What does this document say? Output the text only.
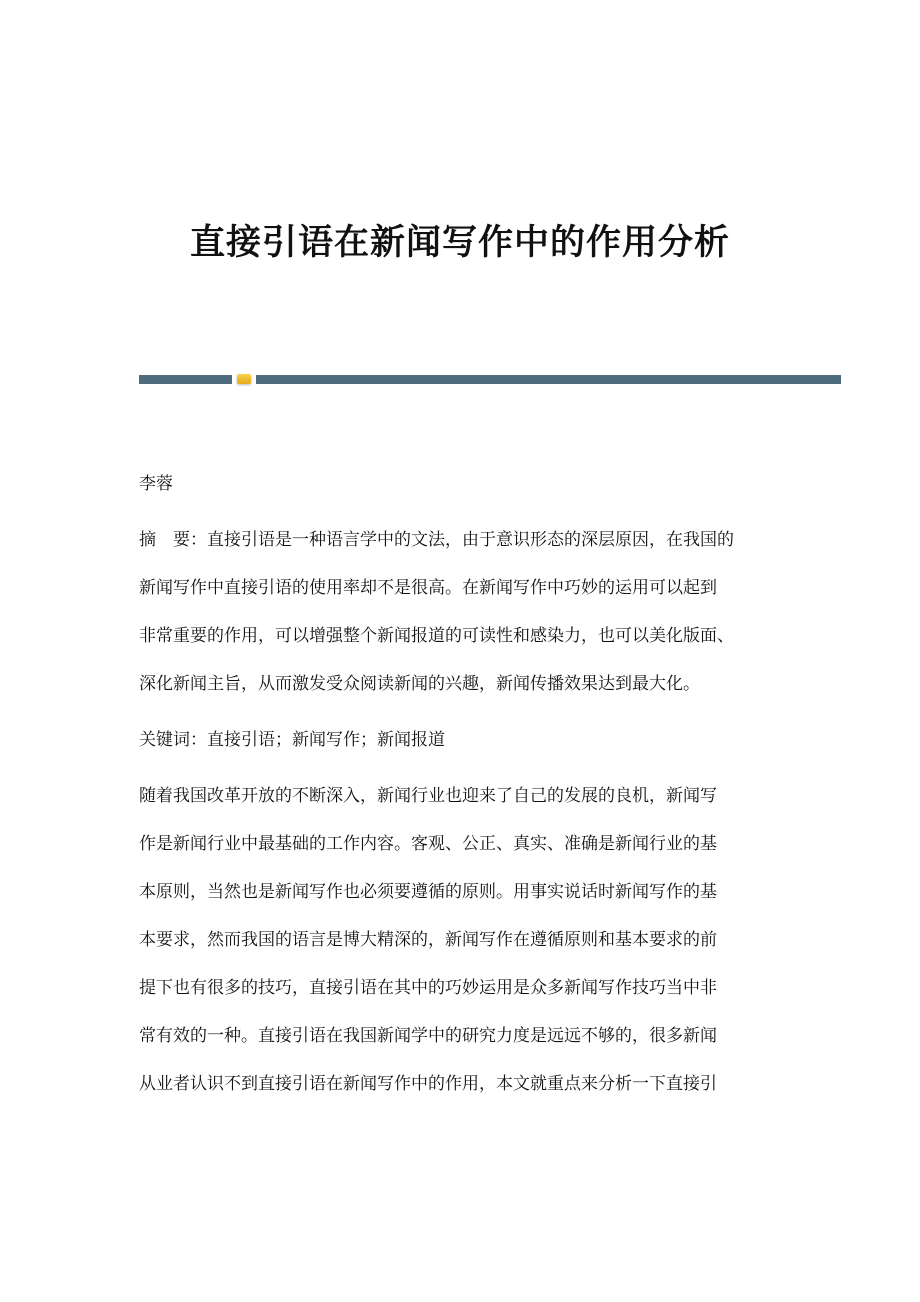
直接引语在新闻写作中的作用分析
李蓉
摘　要：直接引语是一种语言学中的文法，由于意识形态的深层原因，在我国的
新闻写作中直接引语的使用率却不是很高。在新闻写作中巧妙的运用可以起到
非常重要的作用，可以增强整个新闻报道的可读性和感染力，也可以美化版面、
深化新闻主旨，从而激发受众阅读新闻的兴趣，新闻传播效果达到最大化。
关键词：直接引语；新闻写作；新闻报道
随着我国改革开放的不断深入，新闻行业也迎来了自己的发展的良机，新闻写
作是新闻行业中最基础的工作内容。客观、公正、真实、准确是新闻行业的基
本原则，当然也是新闻写作也必须要遵循的原则。用事实说话时新闻写作的基
本要求，然而我国的语言是博大精深的，新闻写作在遵循原则和基本要求的前
提下也有很多的技巧，直接引语在其中的巧妙运用是众多新闻写作技巧当中非
常有效的一种。直接引语在我国新闻学中的研究力度是远远不够的，很多新闻
从业者认识不到直接引语在新闻写作中的作用，本文就重点来分析一下直接引
